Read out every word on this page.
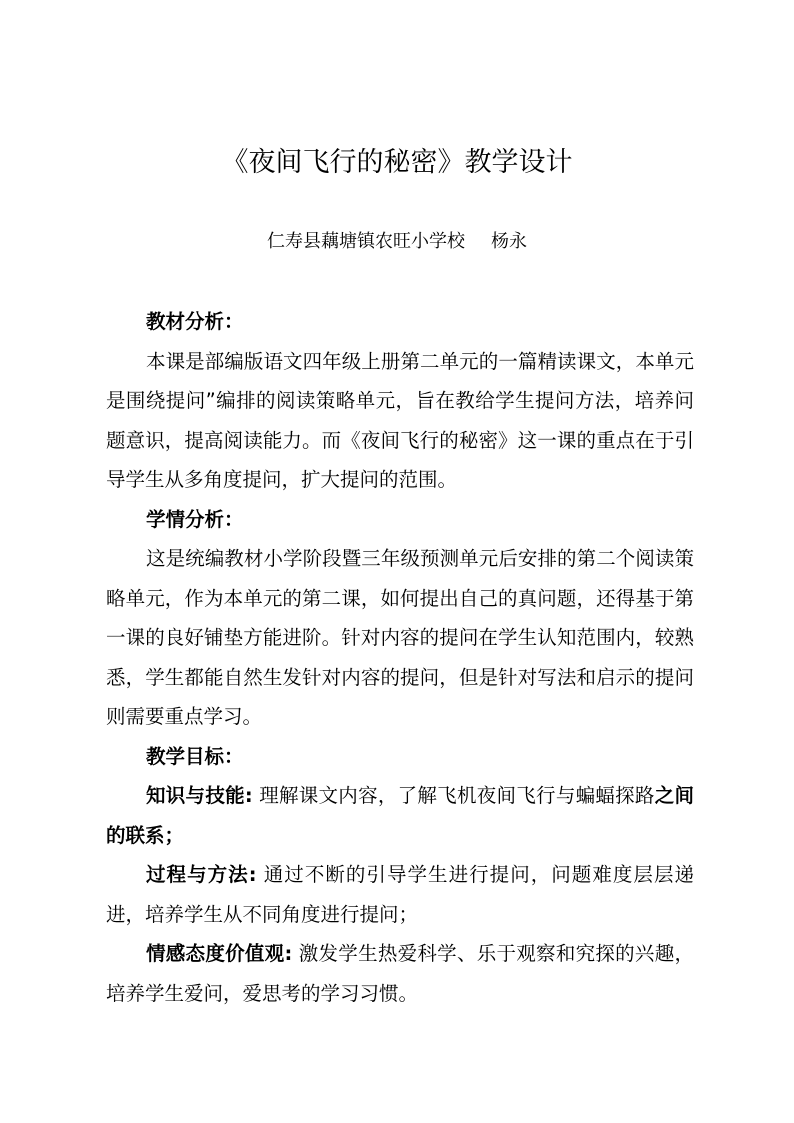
《夜间飞行的秘密》教学设计
仁寿县藕塘镇农旺小学校 杨永

教材分析：

本课是部编版语文四年级上册第二单元的一篇精读课文，本单元是围绕提问”编排的阅读策略单元，旨在教给学生提问方法，培养问题意识，提高阅读能力。而《夜间飞行的秘密》这一课的重点在于引导学生从多角度提问，扩大提问的范围。

学情分析：

这是统编教材小学阶段暨三年级预测单元后安排的第二个阅读策略单元，作为本单元的第二课，如何提出自己的真问题，还得基于第一课的良好铺垫方能进阶。针对内容的提问在学生认知范围内，较熟悉，学生都能自然生发针对内容的提问，但是针对写法和启示的提问则需要重点学习。

教学目标：

知识与技能: 理解课文内容，了解飞机夜间飞行与蝙蝠探路之间的联系；

过程与方法: 通过不断的引导学生进行提问，问题难度层层递进，培养学生从不同角度进行提问；

情感态度价值观: 激发学生热爱科学、乐于观察和究探的兴趣，培养学生爱问，爱思考的学习习惯。
